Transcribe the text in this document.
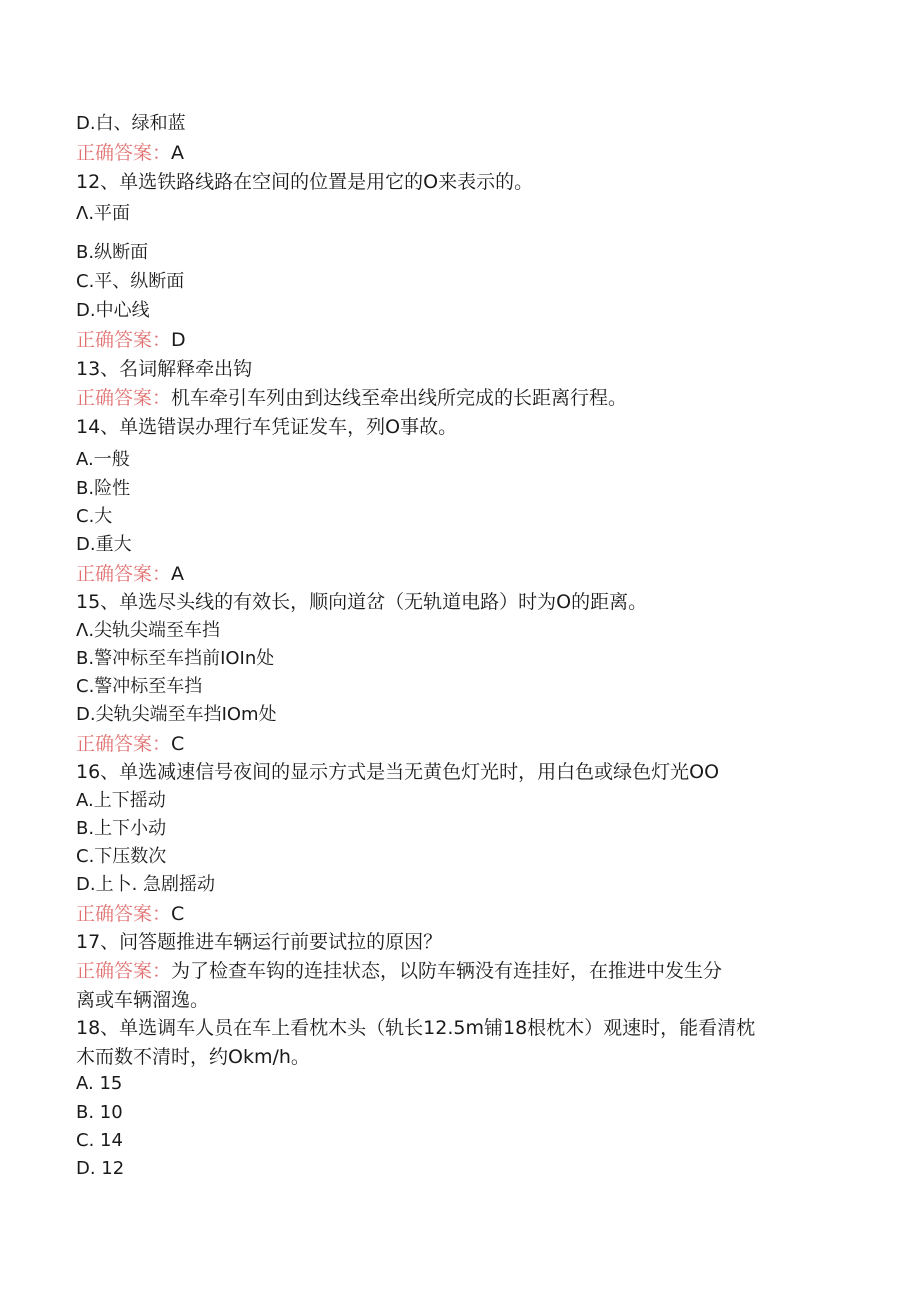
D.白、绿和蓝
正确答案：A
12、单选铁路线路在空间的位置是用它的O来表示的。
Λ.平面
B.纵断面
C.平、纵断面
D.中心线
正确答案：D
13、名词解释牵出钩
正确答案：机车牵引车列由到达线至牵出线所完成的长距离行程。
14、单选错误办理行车凭证发车，列O事故。
A.一般
B.险性
C.大
D.重大
正确答案：A
15、单选尽头线的有效长，顺向道岔（无轨道电路）时为O的距离。
Λ.尖轨尖端至车挡
B.警冲标至车挡前IOIn处
C.警冲标至车挡
D.尖轨尖端至车挡IOm处
正确答案：C
16、单选减速信号夜间的显示方式是当无黄色灯光时，用白色或绿色灯光OO
A.上下摇动
B.上下小动
C.下压数次
D.上卜. 急剧摇动
正确答案：C
17、问答题推进车辆运行前要试拉的原因？
正确答案：为了检查车钩的连挂状态，以防车辆没有连挂好，在推进中发生分
离或车辆溜逸。
18、单选调车人员在车上看枕木头（轨长12.5m铺18根枕木）观速时，能看清枕
木而数不清时，约Okm/h。
A. 15
B. 10
C. 14
D. 12
